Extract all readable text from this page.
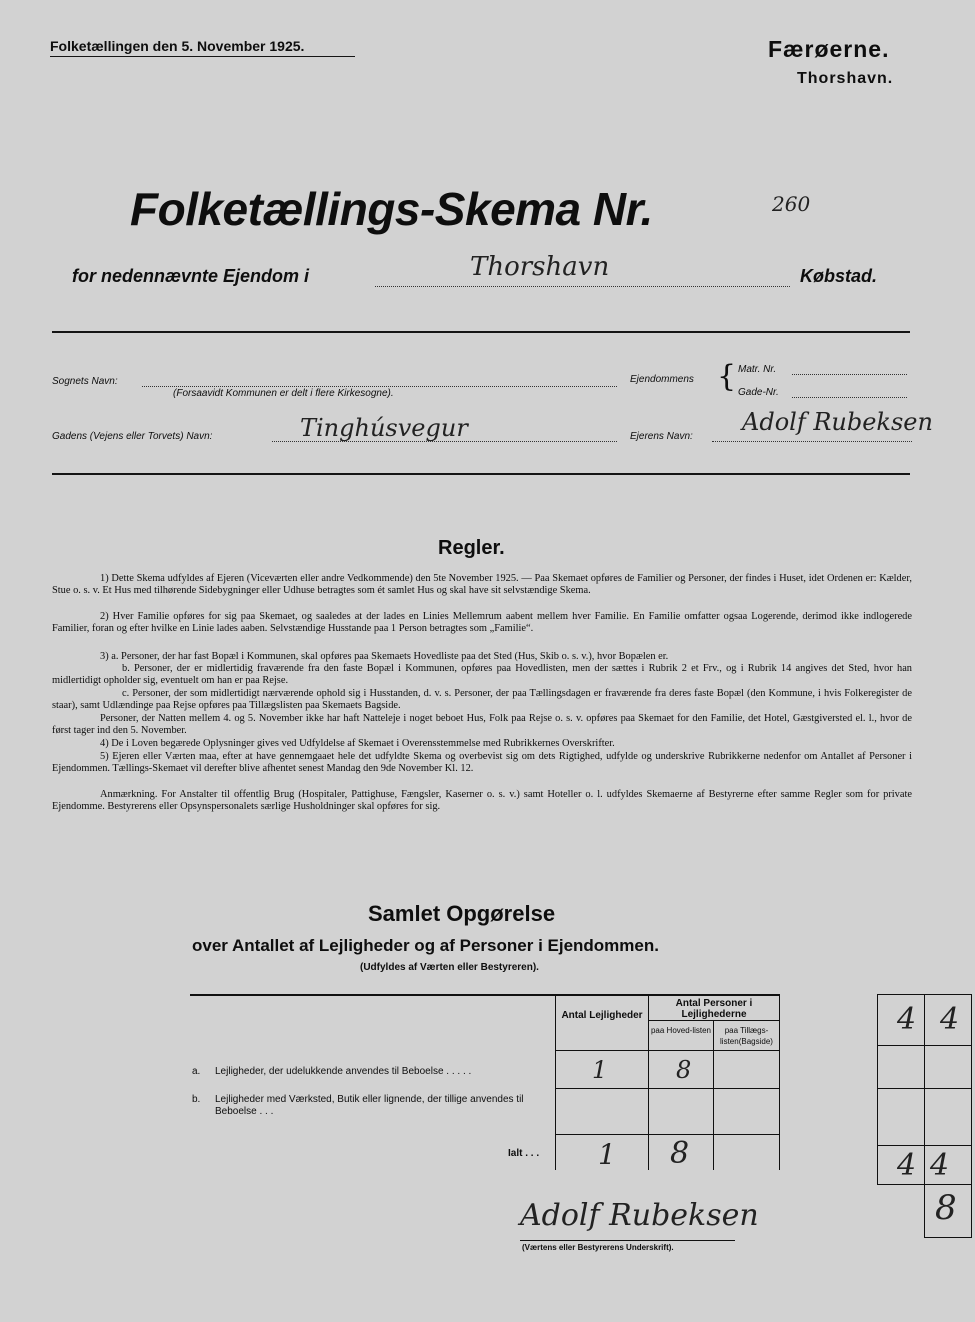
Folketællingen den 5. November 1925.	Færøerne.
Thorshavn.
Folketællings-Skema Nr.	260
for nedennævnte Ejendom i	Thorshavn	Købstad.
Sognets Navn:
(Forsaavidt Kommunen er delt i flere Kirkesogne).
Ejendommens { Matr. Nr.
Gade-Nr.
Gadens (Vejens eller Torvets) Navn:	Tinghúsvegur	Ejerens Navn:
Adolf Rubeksen
Regler.

1) Dette Skema udfyldes af Ejeren (Viceværten eller andre Vedkommende) den 5te November 1925. — Paa Skemaet opføres de Familier og Personer, der findes i Huset, idet Ordenen er: Kælder, Stue o. s. v. Et Hus med tilhørende Sidebygninger eller Udhuse betragtes som ét samlet Hus og skal have sit selvstændige Skema.

2) Hver Familie opføres for sig paa Skemaet, og saaledes at der lades en Linies Mellemrum aabent mellem hver Familie. En Familie omfatter ogsaa Logerende, derimod ikke indlogerede Familier, foran og efter hvilke en Linie lades aaben. Selvstændige Husstande paa 1 Person betragtes som „Familie“.

3) a. Personer, der har fast Bopæl i Kommunen, skal opføres paa Skemaets Hovedliste paa det Sted (Hus, Skib o. s. v.), hvor Bopælen er.

b. Personer, der er midlertidig fraværende fra den faste Bopæl i Kommunen, opføres paa Hovedlisten, men der sættes i Rubrik 2 et Frv., og i Rubrik 14 angives det Sted, hvor han midlertidigt opholder sig, eventuelt om han er paa Rejse.

c. Personer, der som midlertidigt nærværende ophold sig i Husstanden, d. v. s. Personer, der paa Tællingsdagen er fraværende fra deres faste Bopæl (den Kommune, i hvis Folkeregister de staar), samt Udlændinge paa Rejse opføres paa Tillægslisten paa Skemaets Bagside.

Personer, der Natten mellem 4. og 5. November ikke har haft Natteleje i noget beboet Hus, Folk paa Rejse o. s. v. opføres paa Skemaet for den Familie, det Hotel, Gæstgiversted el. l., hvor de først tager ind den 5. November.

4) De i Loven begærede Oplysninger gives ved Udfyldelse af Skemaet i Overensstemmelse med Rubrikkernes Overskrifter.

5) Ejeren eller Værten maa, efter at have gennemgaaet hele det udfyldte Skema og overbevist sig om dets Rigtighed, udfylde og underskrive Rubrikkerne nedenfor om Antallet af Personer i Ejendommen. Tællings-Skemaet vil derefter blive afhentet senest Mandag den 9de November Kl. 12.

Anmærkning. For Anstalter til offentlig Brug (Hospitaler, Pattighuse, Fængsler, Kaserner o. s. v.) samt Hoteller o. l. udfyldes Skemaerne af Bestyrerne efter samme Regler som for private Ejendomme. Bestyrerens eller Opsynspersonalets særlige Husholdninger skal opføres for sig.

Samlet Opgørelse
over Antallet af Lejligheder og af Personer i Ejendommen.
(Udfyldes af Værten eller Bestyreren).
Antal Lejligheder
Antal Personer i Lejlighederne
paa Hoved-listen	paa Tillægs-listen(Bagside)
a. Lejligheder, der udelukkende anvendes til Beboelse . . . . .	1	8
b. Lejligheder med Værksted, Butik eller lignende, der tillige anvendes til Beboelse . . .
Ialt . . . 1 8
Adolf Rubeksen
(Værtens eller Bestyrerens Underskrift).
4 4
4 4
8
